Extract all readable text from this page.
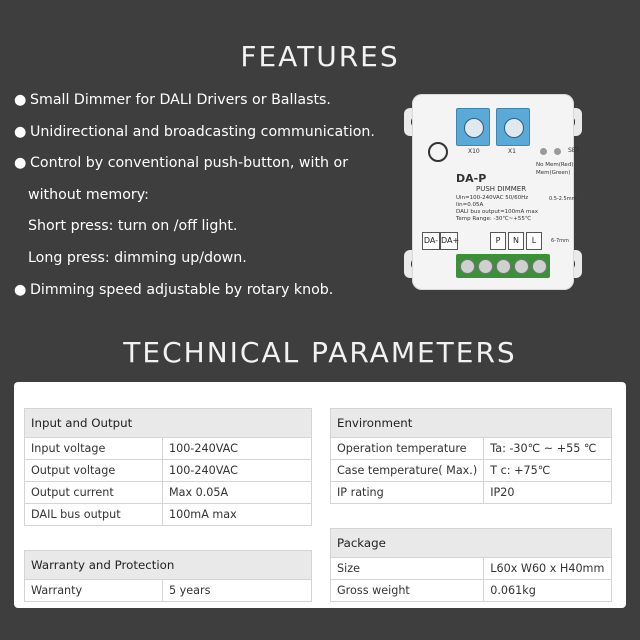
FEATURES
● Small Dimmer for DALI Drivers or Ballasts.
● Unidirectional and broadcasting communication.
● Control by conventional push-button, with or
without memory:
Short press: turn on /off light.
Long press: dimming up/down.
● Dimming speed adjustable by rotary knob.
X10	X1	SET
No Mem(Red)
Mem(Green)
DA-P
PUSH DIMMER
Uin=100-240VAC 50/60Hz
Iin=0.05A
DALI bus output=100mA max
Temp Range: -30℃~+55℃
0.5-2.5mm²
6-7mm
DA- DA+	P	N	L
TECHNICAL PARAMETERS
Input and Output	
Input voltage	100-240VAC
Output voltage	100-240VAC
Output current	Max 0.05A
DAIL bus output	100mA max

Warranty and Protection	
Warranty	5 years
Environment	
Operation temperature	Ta: -30℃ ~ +55 ℃
Case temperature( Max.)	T c: +75℃
IP rating	IP20

Package	
Size	L60x W60 x H40mm
Gross weight	0.061kg
